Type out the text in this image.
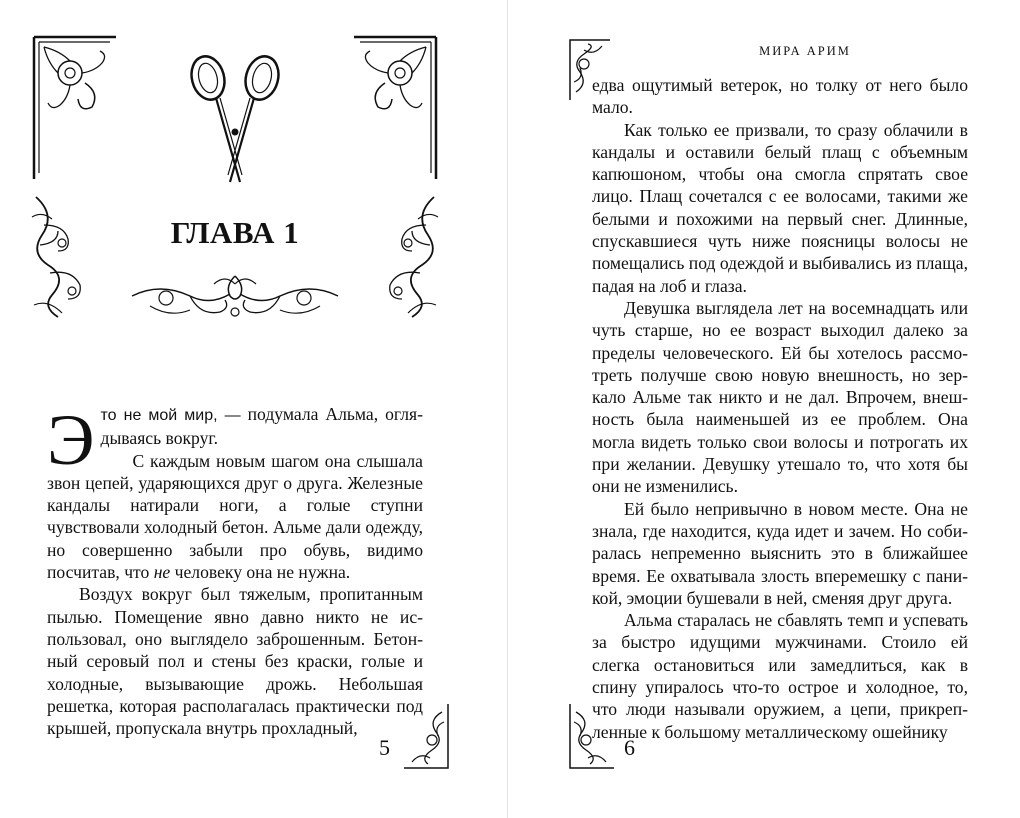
ГЛАВА 1

Это не мой мир, — подумала Альма, оглядываясь вокруг.

С каждым новым шагом она слышала звон цепей, ударяющихся друг о друга. Железные кандалы натирали ноги, а голые ступни чувствовали холодный бетон. Альме дали одежду, но совершенно забыли про обувь, видимо посчитав, что не человеку она не нужна.

Воздух вокруг был тяжелым, пропитанным пылью. Помещение явно давно никто не использовал, оно выглядело заброшенным. Бетонный серовый пол и стены без краски, голые и холодные, вызывающие дрожь. Небольшая решетка, которая располагалась практически под крышей, пропускала внутрь прохладный,

5
МИРА АРИМ

едва ощутимый ветерок, но толку от него было мало.

Как только ее призвали, то сразу облачили в кандалы и оставили белый плащ с объемным капюшоном, чтобы она смогла спрятать свое лицо. Плащ сочетался с ее волосами, такими же белыми и похожими на первый снег. Длинные, спускавшиеся чуть ниже поясницы волосы не помещались под одеждой и выбивались из плаща, падая на лоб и глаза.

Девушка выглядела лет на восемнадцать или чуть старше, но ее возраст выходил далеко за пределы человеческого. Ей бы хотелось рассмотреть получше свою новую внешность, но зеркало Альме так никто и не дал. Впрочем, внешность была наименьшей из ее проблем. Она могла видеть только свои волосы и потрогать их при желании. Девушку утешало то, что хотя бы они не изменились.

Ей было непривычно в новом месте. Она не знала, где находится, куда идет и зачем. Но собиралась непременно выяснить это в ближайшее время. Ее охватывала злость вперемешку с паникой, эмоции бушевали в ней, сменяя друг друга.

Альма старалась не сбавлять темп и успевать за быстро идущими мужчинами. Стоило ей слегка остановиться или замедлиться, как в спину упиралось что-то острое и холодное, то, что люди называли оружием, а цепи, прикрепленные к большому металлическому ошейнику

6
